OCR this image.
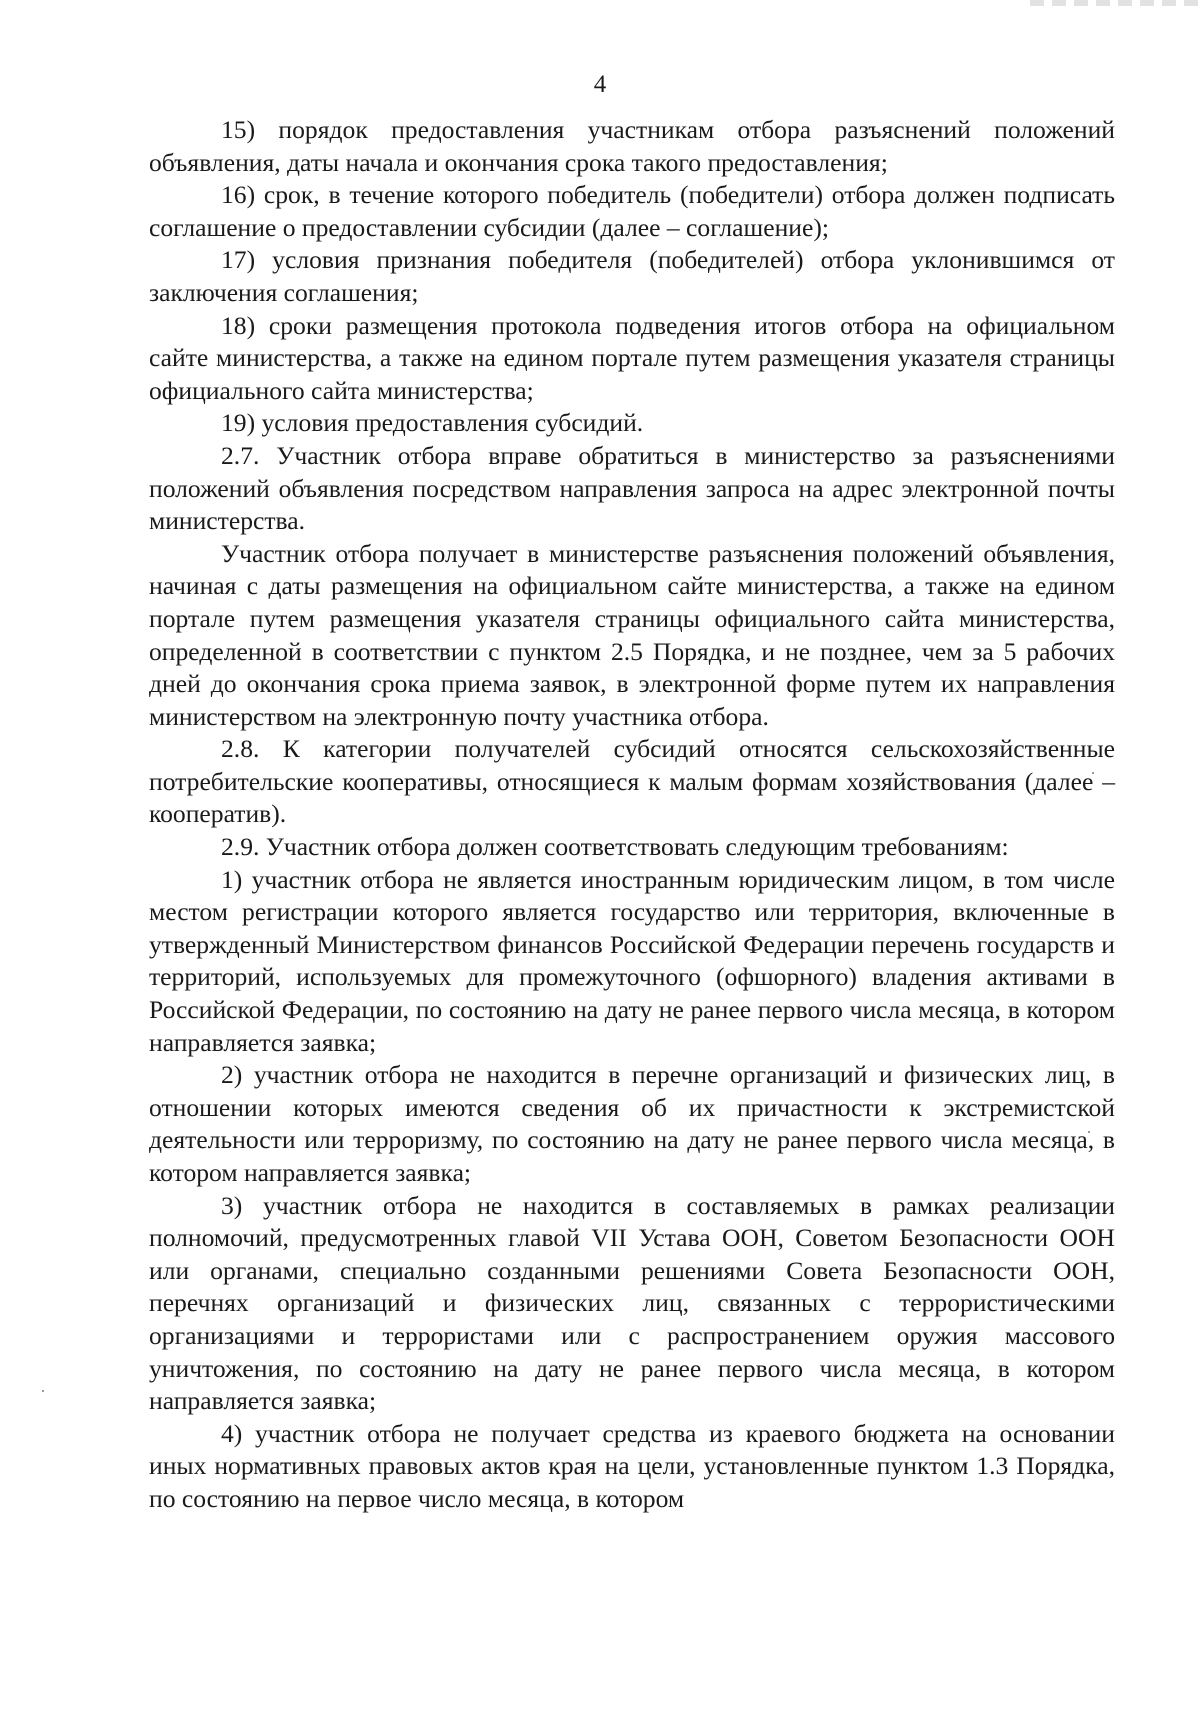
4

15) порядок предоставления участникам отбора разъяснений положений объявления, даты начала и окончания срока такого предоставления;

16) срок, в течение которого победитель (победители) отбора должен подписать соглашение о предоставлении субсидии (далее – соглашение);

17) условия признания победителя (победителей) отбора уклонившимся от заключения соглашения;

18) сроки размещения протокола подведения итогов отбора на официальном сайте министерства, а также на едином портале путем размещения указателя страницы официального сайта министерства;

19) условия предоставления субсидий.

2.7. Участник отбора вправе обратиться в министерство за разъяснениями положений объявления посредством направления запроса на адрес электронной почты министерства.

Участник отбора получает в министерстве разъяснения положений объявления, начиная с даты размещения на официальном сайте министерства, а также на едином портале путем размещения указателя страницы официального сайта министерства, определенной в соответствии с пунктом 2.5 Порядка, и не позднее, чем за 5 рабочих дней до окончания срока приема заявок, в электронной форме путем их направления министерством на электронную почту участника отбора.

2.8. К категории получателей субсидий относятся сельскохозяйственные потребительские кооперативы, относящиеся к малым формам хозяйствования (далее – кооператив).

2.9. Участник отбора должен соответствовать следующим требованиям:

1) участник отбора не является иностранным юридическим лицом, в том числе местом регистрации которого является государство или территория, включенные в утвержденный Министерством финансов Российской Федерации перечень государств и территорий, используемых для промежуточного (офшорного) владения активами в Российской Федерации, по состоянию на дату не ранее первого числа месяца, в котором направляется заявка;

2) участник отбора не находится в перечне организаций и физических лиц, в отношении которых имеются сведения об их причастности к экстремистской деятельности или терроризму, по состоянию на дату не ранее первого числа месяца, в котором направляется заявка;

3) участник отбора не находится в составляемых в рамках реализации полномочий, предусмотренных главой VII Устава ООН, Советом Безопасности ООН или органами, специально созданными решениями Совета Безопасности ООН, перечнях организаций и физических лиц, связанных с террористическими организациями и террористами или с распространением оружия массового уничтожения, по состоянию на дату не ранее первого числа месяца, в котором направляется заявка;

4) участник отбора не получает средства из краевого бюджета на основании иных нормативных правовых актов края на цели, установленные пунктом 1.3 Порядка, по состоянию на первое число месяца, в котором
